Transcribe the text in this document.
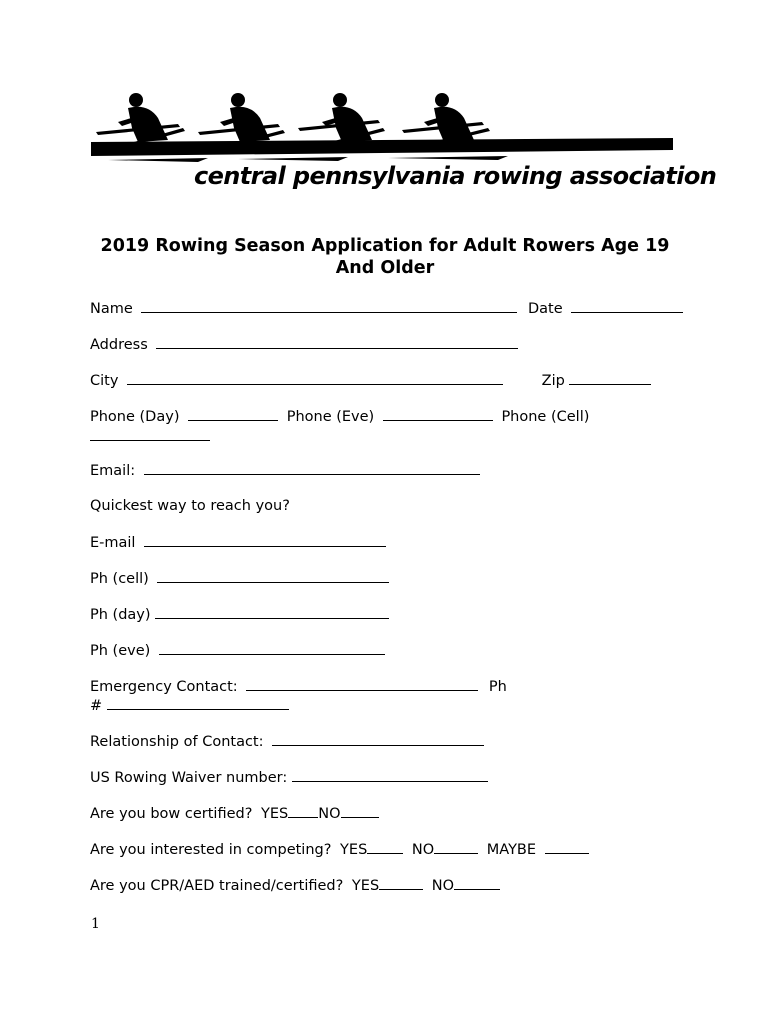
central pennsylvania rowing association
2019 Rowing Season Application for Adult Rowers Age 19
And Older
Name	Date
Address
City	Zip
Phone (Day)	Phone (Eve)	Phone (Cell)
Email:
Quickest way to reach you?
E-mail
Ph (cell)
Ph (day)
Ph (eve)
Emergency Contact:	Ph
#
Relationship of Contact:
US Rowing Waiver number:
Are you bow certified? YES NO
Are you interested in competing? YES	NO	MAYBE
Are you CPR/AED trained/certified? YES	NO
1
